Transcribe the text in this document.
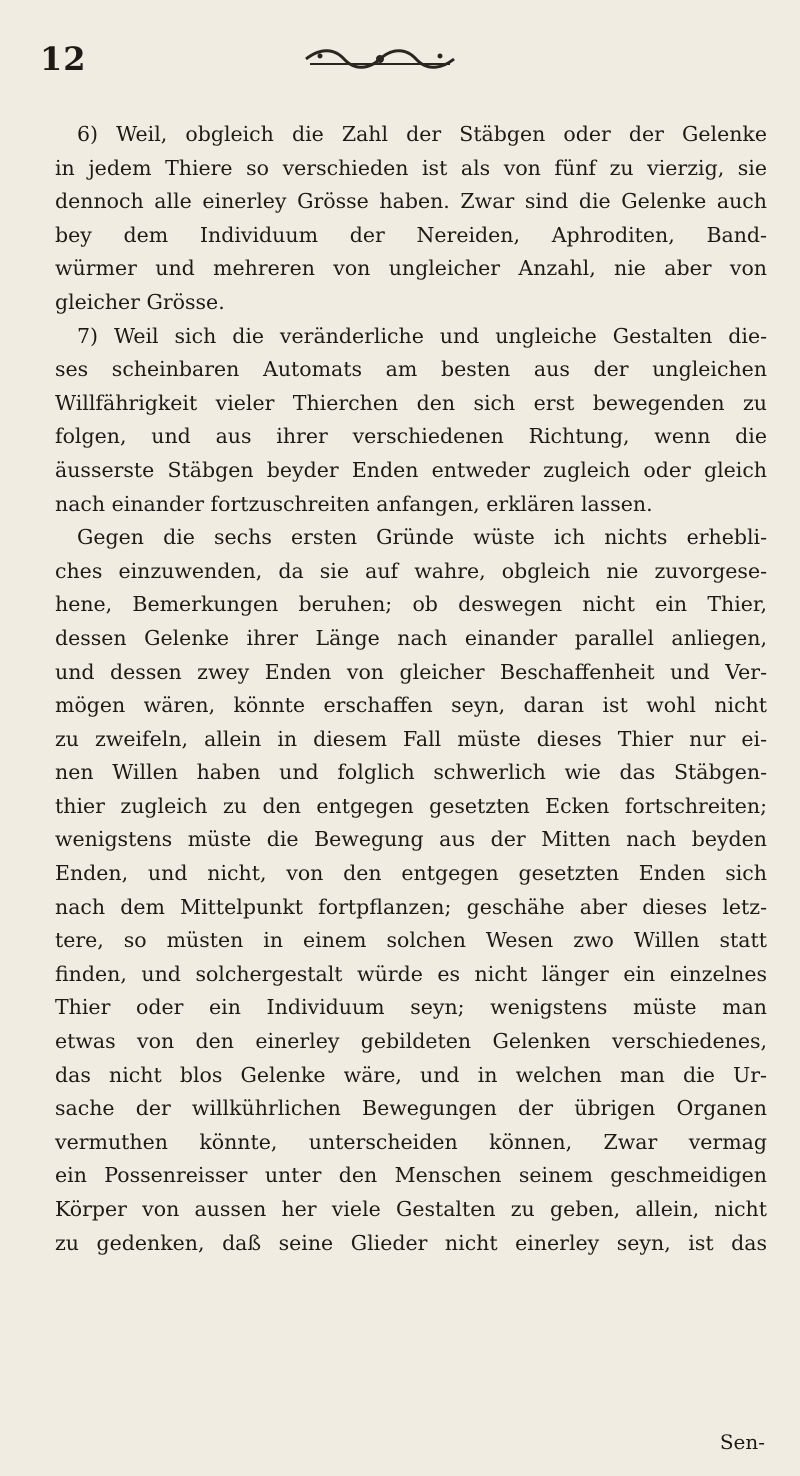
12
6) Weil, obgleich die Zahl der Stäbgen oder der Gelenke
in jedem Thiere so verschieden ist als von fünf zu vierzig, sie
dennoch alle einerley Grösse haben. Zwar sind die Gelenke auch
bey dem Individuum der Nereiden, Aphroditen, Band-
würmer und mehreren von ungleicher Anzahl, nie aber von
gleicher Grösse.
7) Weil sich die veränderliche und ungleiche Gestalten die-
ses scheinbaren Automats am besten aus der ungleichen
Willfährigkeit vieler Thierchen den sich erst bewegenden zu
folgen, und aus ihrer verschiedenen Richtung, wenn die
äusserste Stäbgen beyder Enden entweder zugleich oder gleich
nach einander fortzuschreiten anfangen, erklären lassen.
Gegen die sechs ersten Gründe wüste ich nichts erhebli-
ches einzuwenden, da sie auf wahre, obgleich nie zuvorgese-
hene, Bemerkungen beruhen; ob deswegen nicht ein Thier,
dessen Gelenke ihrer Länge nach einander parallel anliegen,
und dessen zwey Enden von gleicher Beschaffenheit und Ver-
mögen wären, könnte erschaffen seyn, daran ist wohl nicht
zu zweifeln, allein in diesem Fall müste dieses Thier nur ei-
nen Willen haben und folglich schwerlich wie das Stäbgen-
thier zugleich zu den entgegen gesetzten Ecken fortschreiten;
wenigstens müste die Bewegung aus der Mitten nach beyden
Enden, und nicht, von den entgegen gesetzten Enden sich
nach dem Mittelpunkt fortpflanzen; geschähe aber dieses letz-
tere, so müsten in einem solchen Wesen zwo Willen statt
finden, und solchergestalt würde es nicht länger ein einzelnes
Thier oder ein Individuum seyn; wenigstens müste man
etwas von den einerley gebildeten Gelenken verschiedenes,
das nicht blos Gelenke wäre, und in welchen man die Ur-
sache der willkührlichen Bewegungen der übrigen Organen
vermuthen könnte, unterscheiden können, Zwar vermag
ein Possenreisser unter den Menschen seinem geschmeidigen
Körper von aussen her viele Gestalten zu geben, allein, nicht
zu gedenken, daß seine Glieder nicht einerley seyn, ist das
Sen-
